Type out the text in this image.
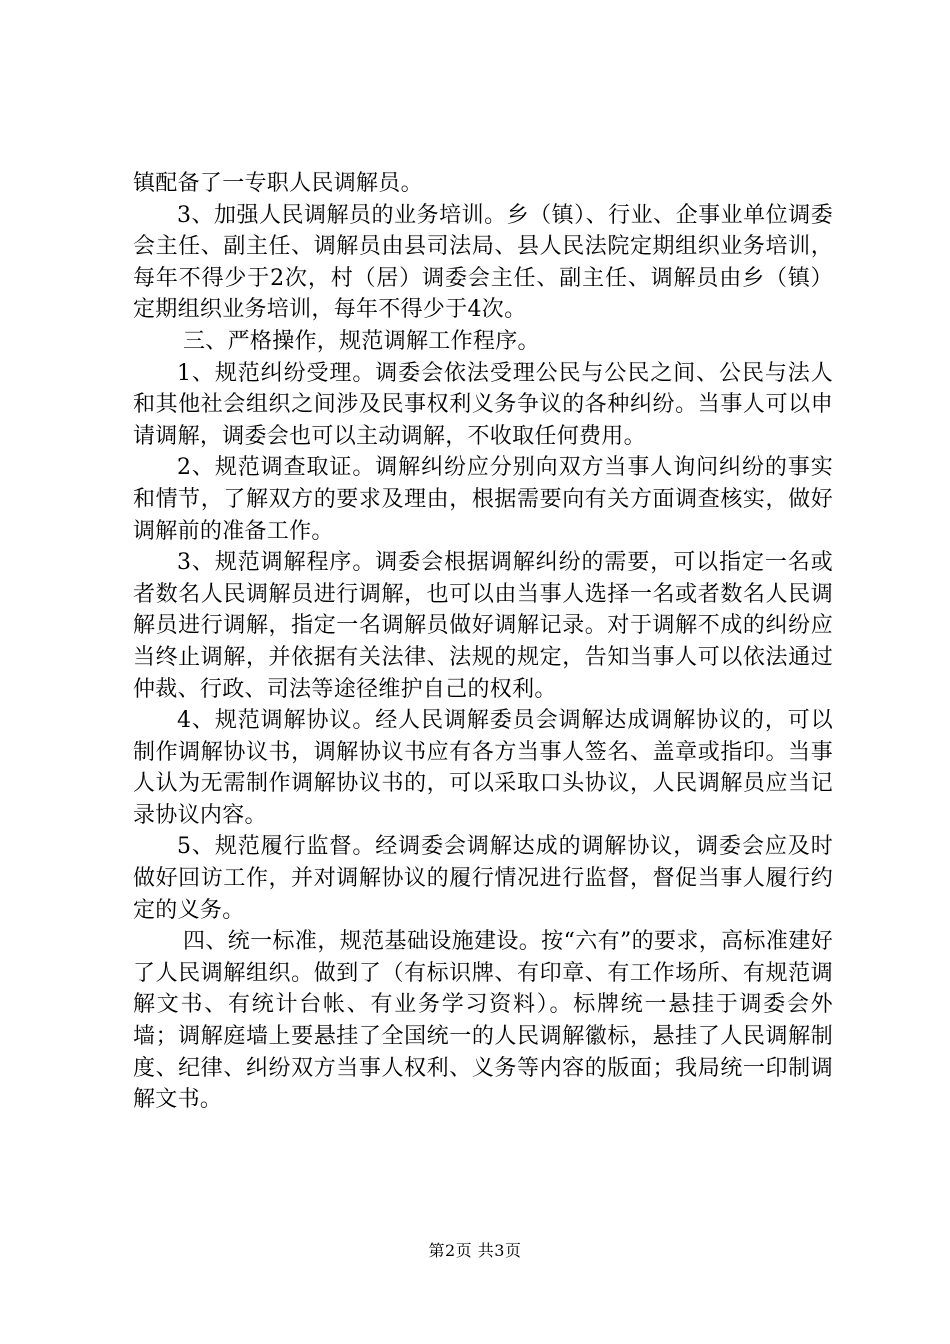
镇配备了一专职人民调解员。

3、加强人民调解员的业务培训。乡（镇）、行业、企事业单位调委会主任、副主任、调解员由县司法局、县人民法院定期组织业务培训，每年不得少于2次，村（居）调委会主任、副主任、调解员由乡（镇）定期组织业务培训，每年不得少于4次。

三、严格操作，规范调解工作程序。

1、规范纠纷受理。调委会依法受理公民与公民之间、公民与法人和其他社会组织之间涉及民事权利义务争议的各种纠纷。当事人可以申请调解，调委会也可以主动调解，不收取任何费用。

2、规范调查取证。调解纠纷应分别向双方当事人询问纠纷的事实和情节，了解双方的要求及理由，根据需要向有关方面调查核实，做好调解前的准备工作。

3、规范调解程序。调委会根据调解纠纷的需要，可以指定一名或者数名人民调解员进行调解，也可以由当事人选择一名或者数名人民调解员进行调解，指定一名调解员做好调解记录。对于调解不成的纠纷应当终止调解，并依据有关法律、法规的规定，告知当事人可以依法通过仲裁、行政、司法等途径维护自己的权利。

4、规范调解协议。经人民调解委员会调解达成调解协议的，可以制作调解协议书，调解协议书应有各方当事人签名、盖章或指印。当事人认为无需制作调解协议书的，可以采取口头协议，人民调解员应当记录协议内容。

5、规范履行监督。经调委会调解达成的调解协议，调委会应及时做好回访工作，并对调解协议的履行情况进行监督，督促当事人履行约定的义务。

四、统一标准，规范基础设施建设。按“六有”的要求，高标准建好了人民调解组织。做到了（有标识牌、有印章、有工作场所、有规范调解文书、有统计台帐、有业务学习资料）。标牌统一悬挂于调委会外墙；调解庭墙上要悬挂了全国统一的人民调解徽标，悬挂了人民调解制度、纪律、纠纷双方当事人权利、义务等内容的版面；我局统一印制调解文书。

第2页 共3页
